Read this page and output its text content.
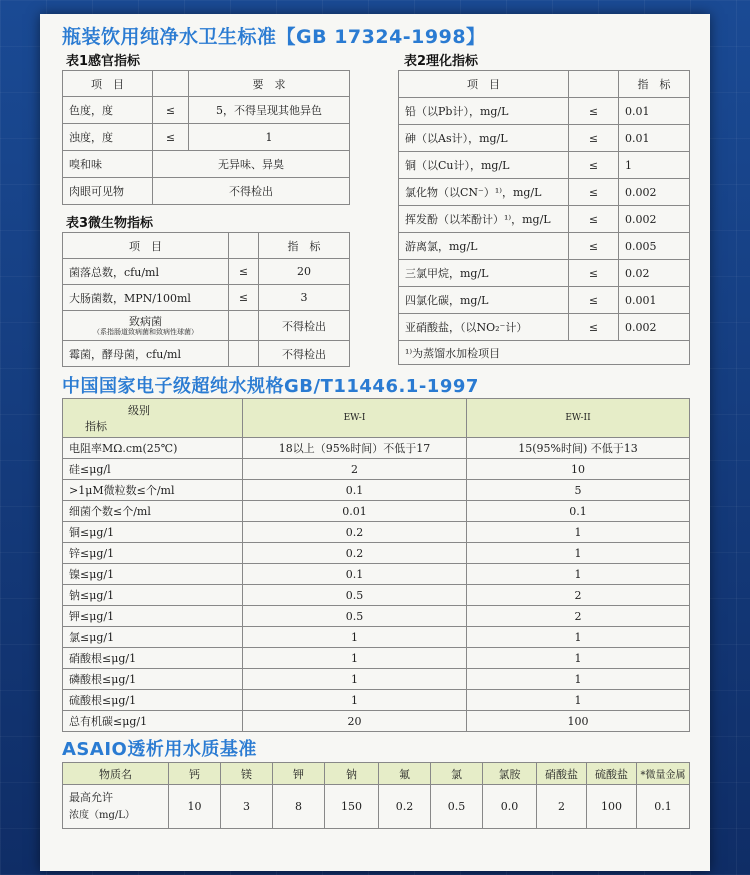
瓶装饮用纯净水卫生标准【GB 17324-1998】
表1感官指标
项　目		要　求
色度，度	≤	5，不得呈现其他异色
浊度，度	≤	1
嗅和味	无异味、异臭	
肉眼可见物	不得检出	
表3微生物指标
项　目		指　标
菌落总数，cfu/ml	≤	20
大肠菌数，MPN/100ml	≤	3
致病菌
（系指肠道致病菌和致病性球菌）		不得检出
霉菌，酵母菌，cfu/ml		不得检出
表2理化指标
项　目		指　标
铅（以Pb计），mg/L	≤	0.01
砷（以As计），mg/L	≤	0.01
铜（以Cu计），mg/L	≤	1
氯化物（以CN⁻）¹⁾，mg/L	≤	0.002
挥发酚（以苯酚计）¹⁾，mg/L	≤	0.002
游离氯，mg/L	≤	0.005
三氯甲烷，mg/L	≤	0.02
四氯化碳，mg/L	≤	0.001
亚硝酸盐，（以NO₂⁻计）	≤	0.002
¹⁾为蒸馏水加检项目		
中国国家电子级超纯水规格GB/T11446.1-1997
级别
指标	EW-I	EW-II
电阻率MΩ.cm(25℃)	18以上（95%时间）不低于17	15(95%时间) 不低于13
硅≤μg/l	2	10
>1μM微粒数≤个/ml	0.1	5
细菌个数≤个/ml	0.01	0.1
铜≤μg/1	0.2	1
锌≤μg/1	0.2	1
镍≤μg/1	0.1	1
钠≤μg/1	0.5	2
钾≤μg/1	0.5	2
氯≤μg/1	1	1
硝酸根≤μg/1	1	1
磷酸根≤μg/1	1	1
硫酸根≤μg/1	1	1
总有机碳≤μg/1	20	100
ASAIO透析用水质基准
物质名	钙	镁	钾	钠	氟	氯	氯胺	硝酸盐	硫酸盐	*微量金属

最高允许
浓度（mg/L）	10	3	8	150	0.2	0.5	0.0	2	100	0.1
